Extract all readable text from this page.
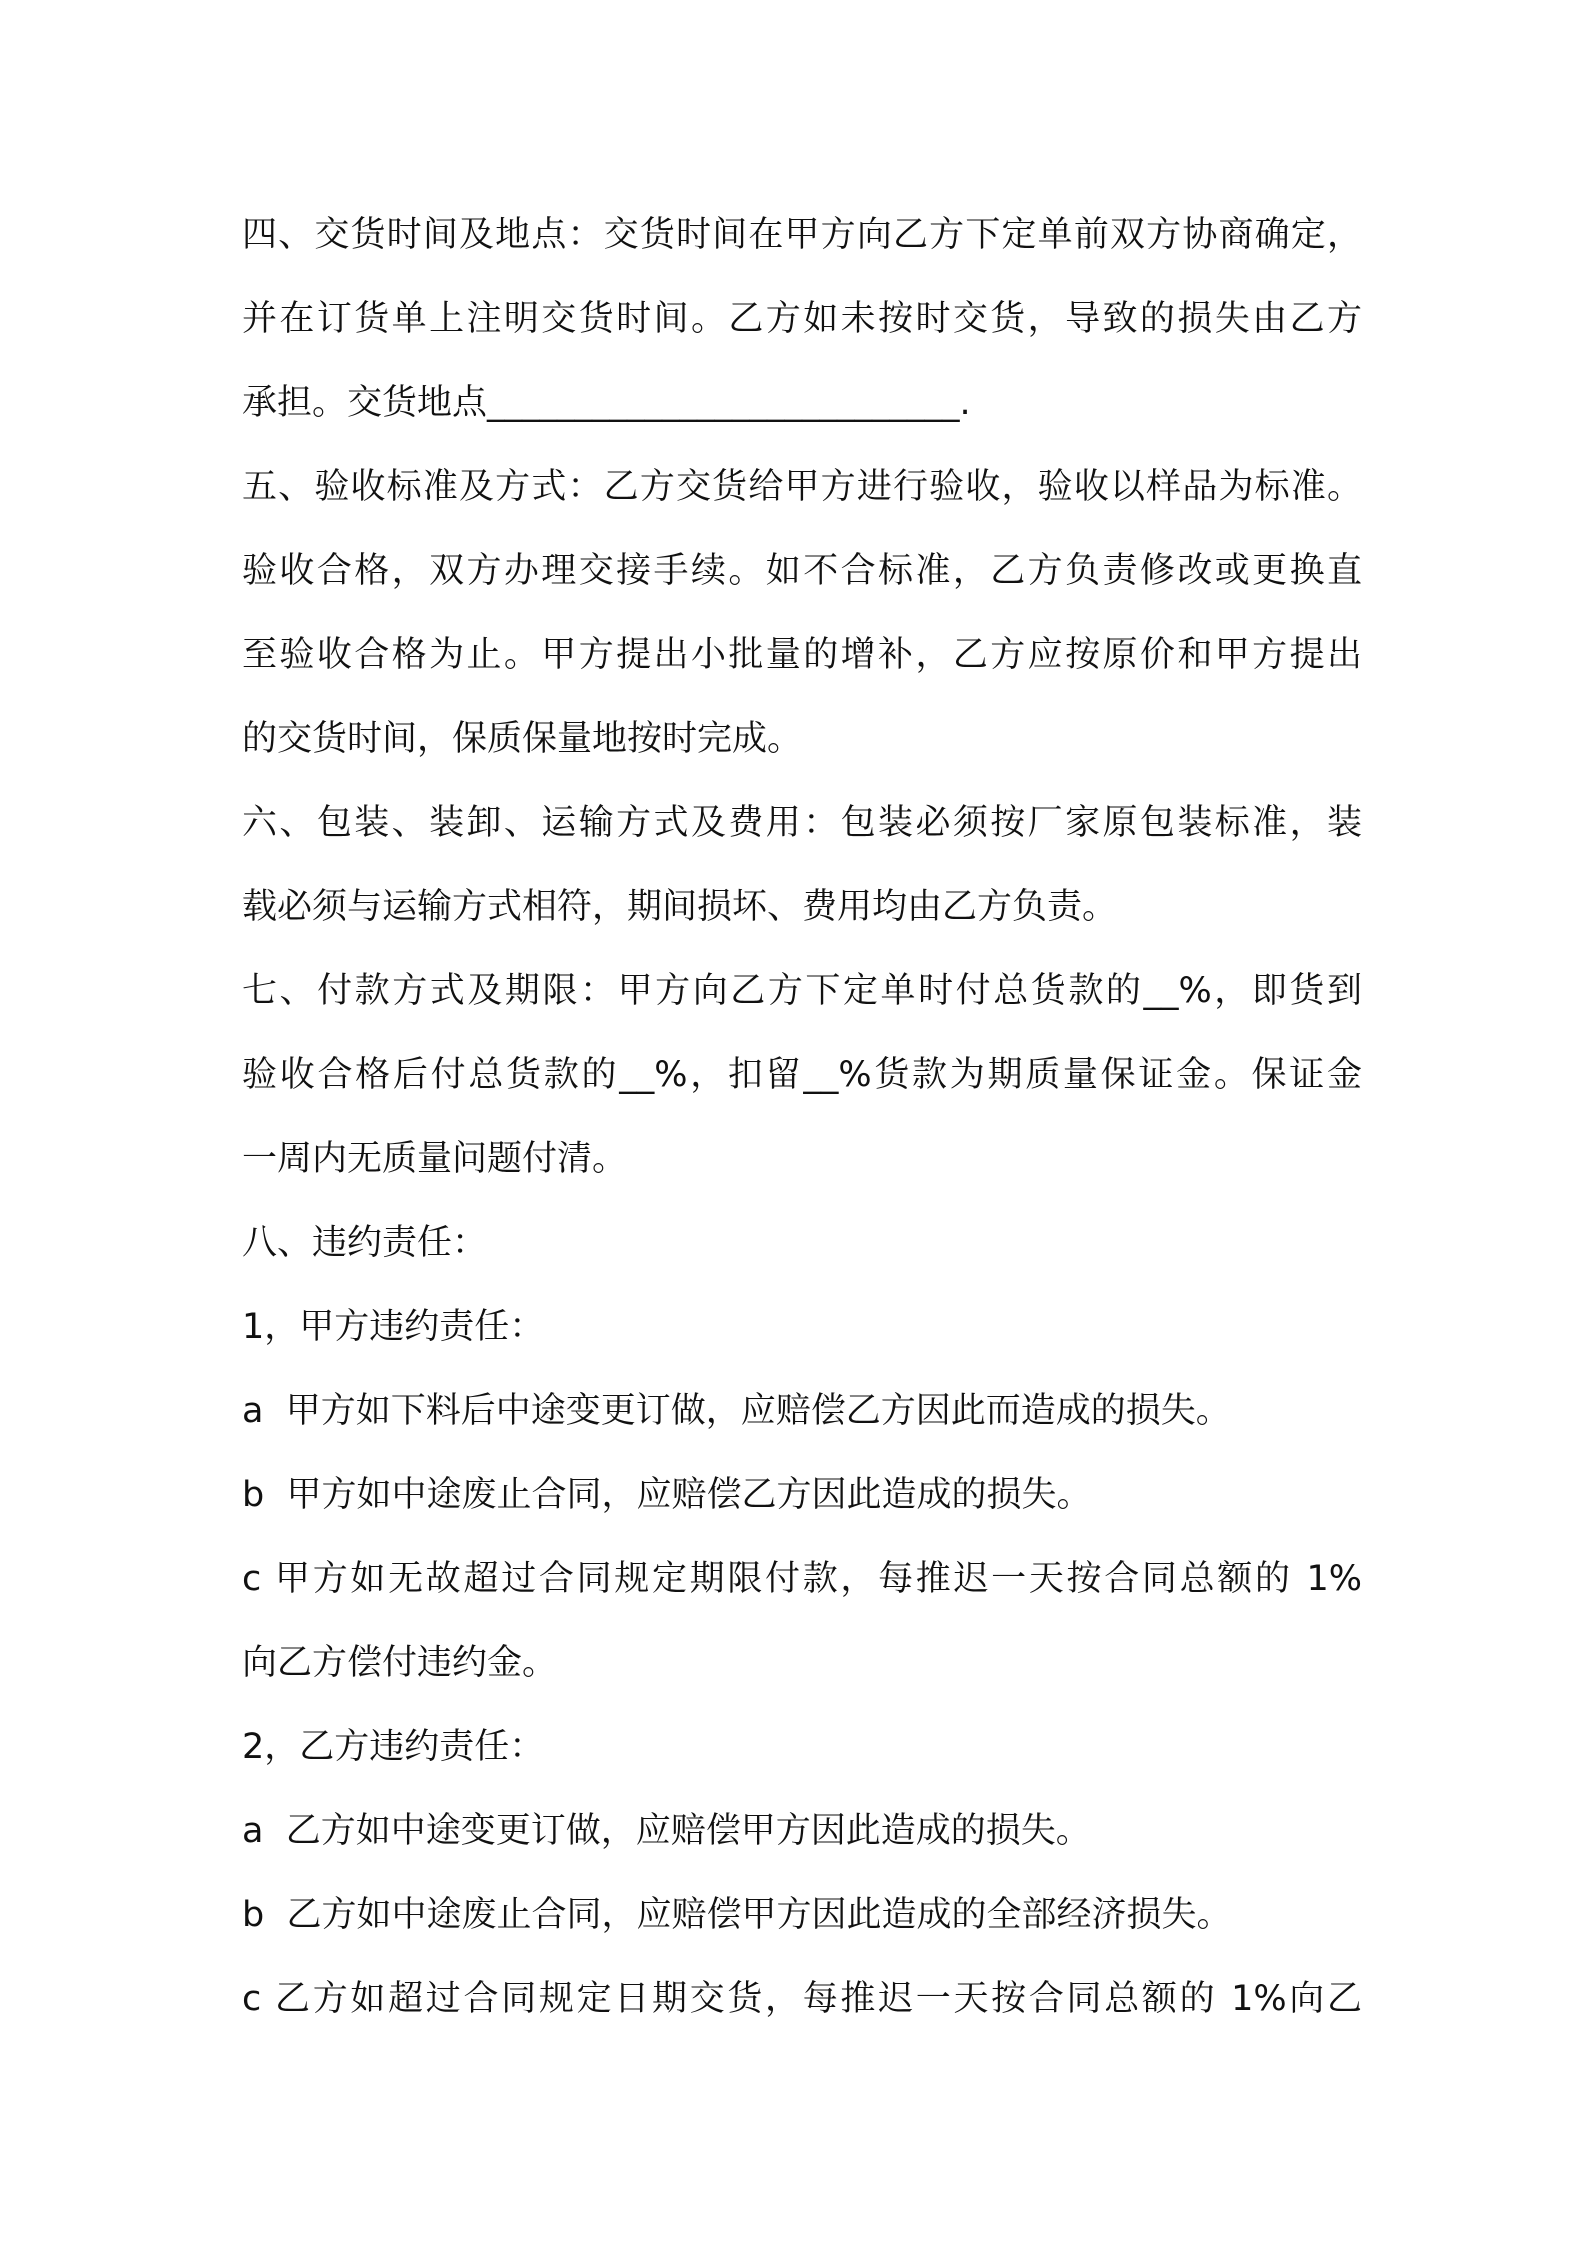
四、交货时间及地点：交货时间在甲方向乙方下定单前双方协商确定，
并在订货单上注明交货时间。乙方如未按时交货，导致的损失由乙方
承担。交货地点___________________________.
五、验收标准及方式：乙方交货给甲方进行验收，验收以样品为标准。
验收合格，双方办理交接手续。如不合标准，乙方负责修改或更换直
至验收合格为止。甲方提出小批量的增补，乙方应按原价和甲方提出
的交货时间，保质保量地按时完成。
六、包装、装卸、运输方式及费用：包装必须按厂家原包装标准，装
载必须与运输方式相符，期间损坏、费用均由乙方负责。
七、付款方式及期限：甲方向乙方下定单时付总货款的__%，即货到
验收合格后付总货款的__%，扣留__%货款为期质量保证金。保证金
一周内无质量问题付清。
八、违约责任：
1，甲方违约责任：
a  甲方如下料后中途变更订做，应赔偿乙方因此而造成的损失。
b  甲方如中途废止合同，应赔偿乙方因此造成的损失。
c 甲方如无故超过合同规定期限付款，每推迟一天按合同总额的 1%
向乙方偿付违约金。
2，乙方违约责任：
a  乙方如中途变更订做，应赔偿甲方因此造成的损失。
b  乙方如中途废止合同，应赔偿甲方因此造成的全部经济损失。
c 乙方如超过合同规定日期交货，每推迟一天按合同总额的 1%向乙
